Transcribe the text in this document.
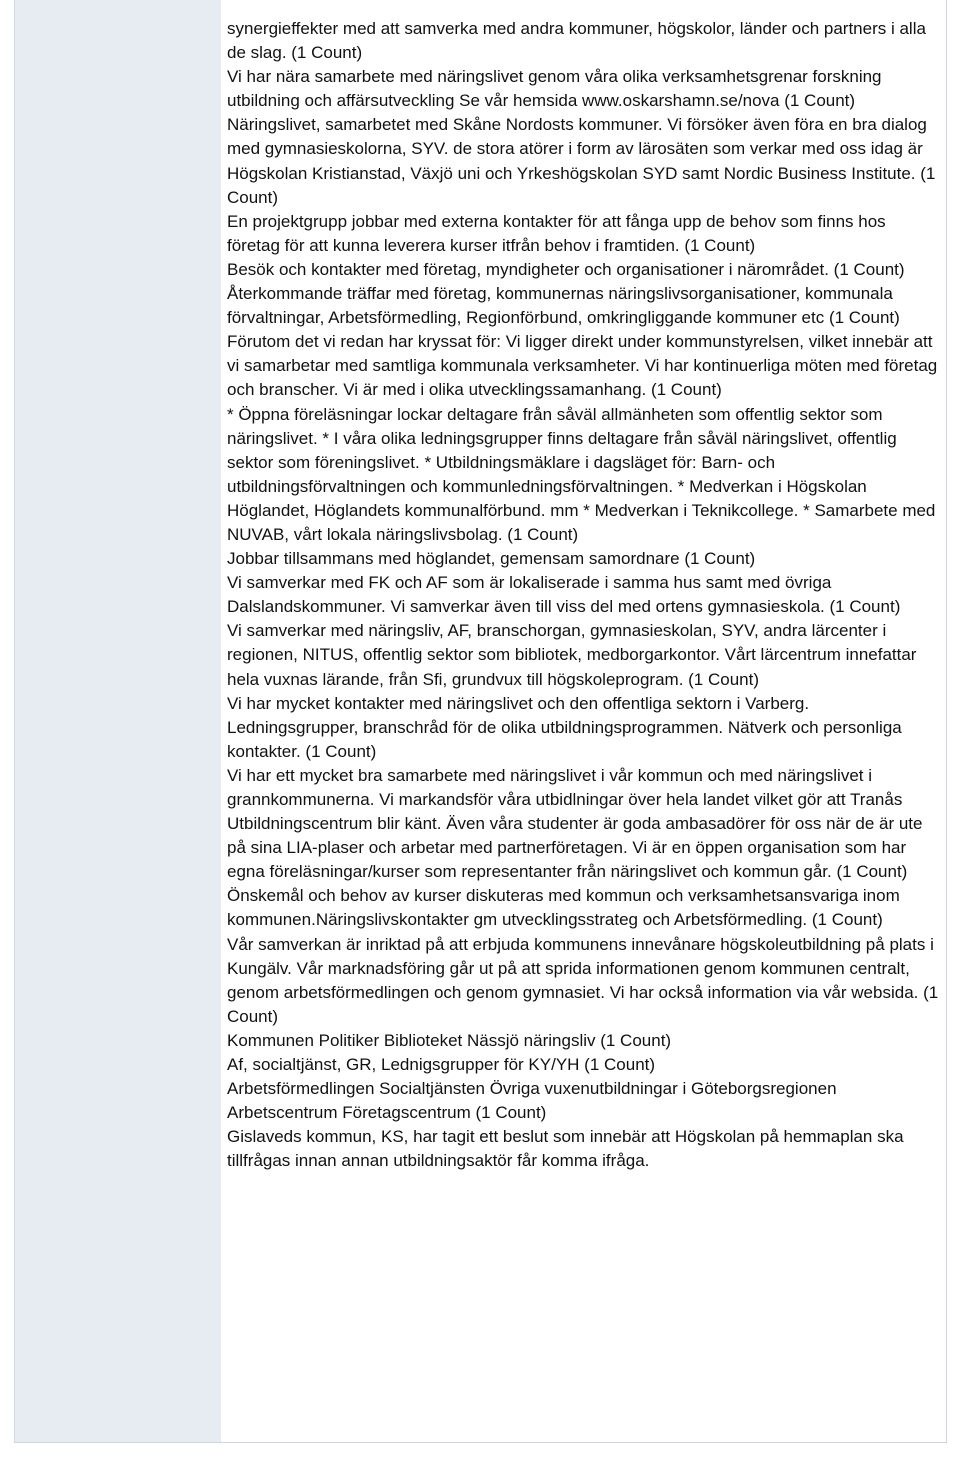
synergieffekter med att samverka med andra kommuner, högskolor, länder och partners i alla de slag. (1 Count)

Vi har nära samarbete med näringslivet genom våra olika verksamhetsgrenar forskning utbildning och affärsutveckling Se vår hemsida www.oskarshamn.se/nova (1 Count)

Näringslivet, samarbetet med Skåne Nordosts kommuner. Vi försöker även föra en bra dialog med gymnasieskolorna, SYV. de stora atörer i form av lärosäten som verkar med oss idag är Högskolan Kristianstad, Växjö uni och Yrkeshögskolan SYD samt Nordic Business Institute. (1 Count)

En projektgrupp jobbar med externa kontakter för att fånga upp de behov som finns hos företag för att kunna leverera kurser itfrån behov i framtiden. (1 Count)

Besök och kontakter med företag, myndigheter och organisationer i närområdet. (1 Count)

Återkommande träffar med företag, kommunernas näringslivsorganisationer, kommunala förvaltningar, Arbetsförmedling, Regionförbund, omkringliggande kommuner etc (1 Count)

Förutom det vi redan har kryssat för: Vi ligger direkt under kommunstyrelsen, vilket innebär att vi samarbetar med samtliga kommunala verksamheter. Vi har kontinuerliga möten med företag och branscher. Vi är med i olika utvecklingssamanhang. (1 Count)

* Öppna föreläsningar lockar deltagare från såväl allmänheten som offentlig sektor som näringslivet. * I våra olika ledningsgrupper finns deltagare från såväl näringslivet, offentlig sektor som föreningslivet. * Utbildningsmäklare i dagsläget för: Barn- och utbildningsförvaltningen och kommunledningsförvaltningen. * Medverkan i Högskolan Höglandet, Höglandets kommunalförbund. mm * Medverkan i Teknikcollege. * Samarbete med NUVAB, vårt lokala näringslivsbolag. (1 Count)

Jobbar tillsammans med höglandet, gemensam samordnare (1 Count)

Vi samverkar med FK och AF som är lokaliserade i samma hus samt med övriga Dalslandskommuner. Vi samverkar även till viss del med ortens gymnasieskola. (1 Count)

Vi samverkar med näringsliv, AF, branschorgan, gymnasieskolan, SYV, andra lärcenter i regionen, NITUS, offentlig sektor som bibliotek, medborgarkontor. Vårt lärcentrum innefattar hela vuxnas lärande, från Sfi, grundvux till högskoleprogram. (1 Count)

Vi har mycket kontakter med näringslivet och den offentliga sektorn i Varberg. Ledningsgrupper, branschråd för de olika utbildningsprogrammen. Nätverk och personliga kontakter. (1 Count)

Vi har ett mycket bra samarbete med näringslivet i vår kommun och med näringslivet i grannkommunerna. Vi markandsför våra utbidlningar över hela landet vilket gör att Tranås Utbildningscentrum blir känt. Även våra studenter är goda ambasadörer för oss när de är ute på sina LIA-plaser och arbetar med partnerföretagen. Vi är en öppen organisation som har egna föreläsningar/kurser som representanter från näringslivet och kommun går. (1 Count)

Önskemål och behov av kurser diskuteras med kommun och verksamhetsansvariga inom kommunen.Näringslivskontakter gm utvecklingsstrateg och Arbetsförmedling. (1 Count)

Vår samverkan är inriktad på att erbjuda kommunens innevånare högskoleutbildning på plats i Kungälv. Vår marknadsföring går ut på att sprida informationen genom kommunen centralt, genom arbetsförmedlingen och genom gymnasiet. Vi har också information via vår websida. (1 Count)

Kommunen Politiker Biblioteket Nässjö näringsliv (1 Count)

Af, socialtjänst, GR, Lednigsgrupper för KY/YH (1 Count)

Arbetsförmedlingen Socialtjänsten Övriga vuxenutbildningar i Göteborgsregionen Arbetscentrum Företagscentrum (1 Count)

Gislaveds kommun, KS, har tagit ett beslut som innebär att Högskolan på hemmaplan ska tillfrågas innan annan utbildningsaktör får komma ifråga.
